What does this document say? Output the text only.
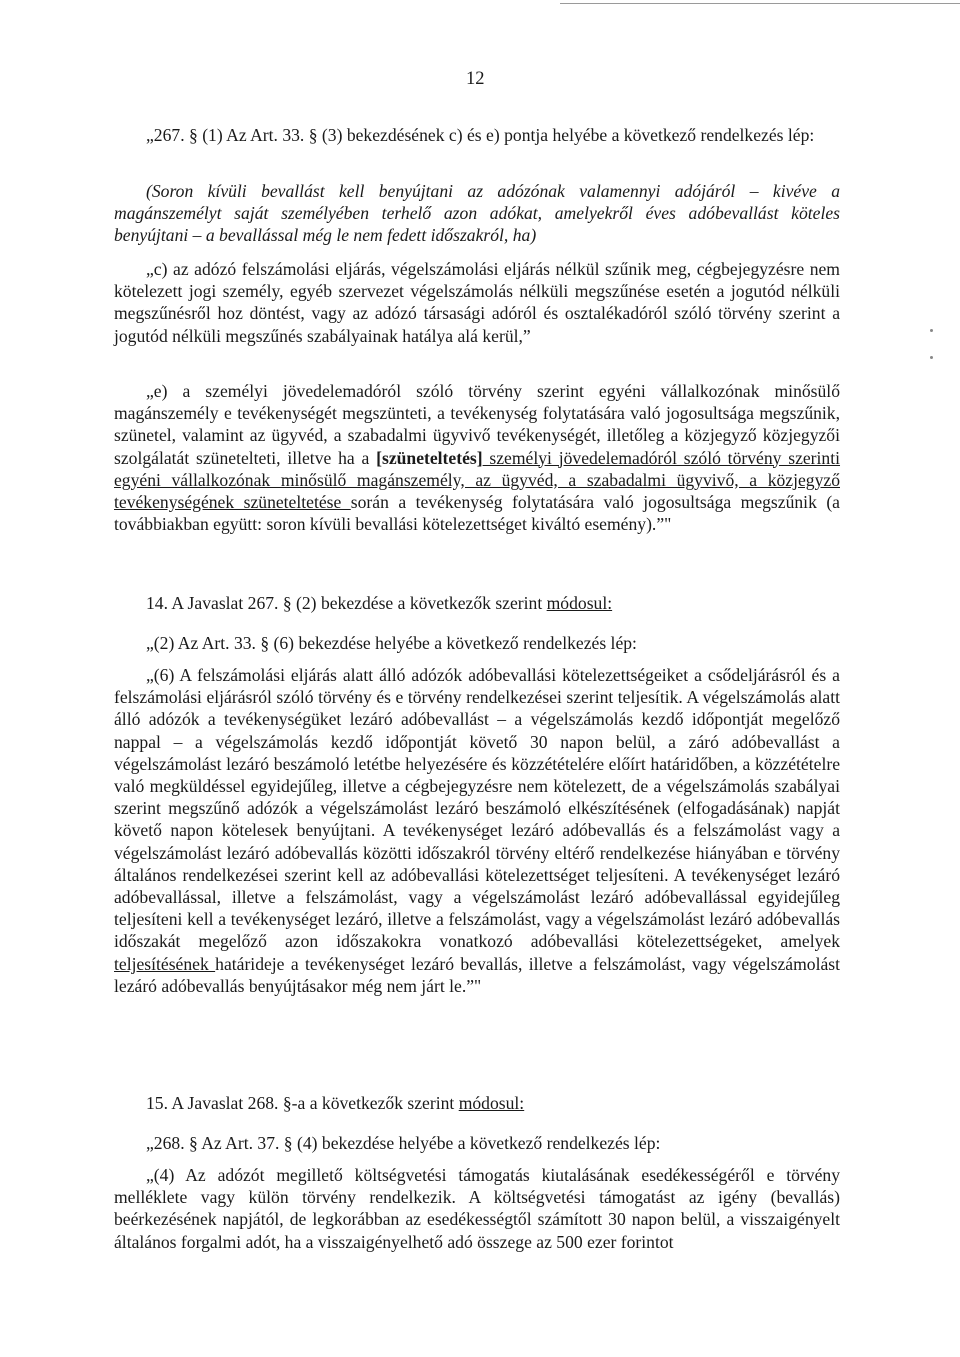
12

„267. § (1) Az Art. 33. § (3) bekezdésének c) és e) pontja helyébe a következő rendelkezés lép:

(Soron kívüli bevallást kell benyújtani az adózónak valamennyi adójáról – kivéve a magánszemélyt saját személyében terhelő azon adókat, amelyekről éves adóbevallást köteles benyújtani – a bevallással még le nem fedett időszakról, ha)

„c) az adózó felszámolási eljárás, végelszámolási eljárás nélkül szűnik meg, cégbejegyzésre nem kötelezett jogi személy, egyéb szervezet végelszámolás nélküli megszűnése esetén a jogutód nélküli megszűnésről hoz döntést, vagy az adózó társasági adóról és osztalékadóról szóló törvény szerint a jogutód nélküli megszűnés szabályainak hatálya alá kerül,”

„e) a személyi jövedelemadóról szóló törvény szerint egyéni vállalkozónak minősülő magánszemély e tevékenységét megszünteti, a tevékenység folytatására való jogosultsága megszűnik, szünetel, valamint az ügyvéd, a szabadalmi ügyvivő tevékenységét, illetőleg a közjegyző közjegyzői szolgálatát szünetelteti, illetve ha a [szüneteltetés] személyi jövedelemadóról szóló törvény szerinti egyéni vállalkozónak minősülő magánszemély, az ügyvéd, a szabadalmi ügyvivő, a közjegyző tevékenységének szüneteltetése során a tevékenység folytatására való jogosultsága megszűnik (a továbbiakban együtt: soron kívüli bevallási kötelezettséget kiváltó esemény).”"

14. A Javaslat 267. § (2) bekezdése a következők szerint módosul:

„(2) Az Art. 33. § (6) bekezdése helyébe a következő rendelkezés lép:

„(6) A felszámolási eljárás alatt álló adózók adóbevallási kötelezettségeiket a csődeljárásról és a felszámolási eljárásról szóló törvény és e törvény rendelkezései szerint teljesítik. A végelszámolás alatt álló adózók a tevékenységüket lezáró adóbevallást – a végelszámolás kezdő időpontját megelőző nappal – a végelszámolás kezdő időpontját követő 30 napon belül, a záró adóbevallást a végelszámolást lezáró beszámoló letétbe helyezésére és közzétételére előírt határidőben, a közzétételre való megküldéssel egyidejűleg, illetve a cégbejegyzésre nem kötelezett, de a végelszámolás szabályai szerint megszűnő adózók a végelszámolást lezáró beszámoló elkészítésének (elfogadásának) napját követő napon kötelesek benyújtani. A tevékenységet lezáró adóbevallás és a felszámolást vagy a végelszámolást lezáró adóbevallás közötti időszakról törvény eltérő rendelkezése hiányában e törvény általános rendelkezései szerint kell az adóbevallási kötelezettséget teljesíteni. A tevékenységet lezáró adóbevallással, illetve a felszámolást, vagy a végelszámolást lezáró adóbevallással egyidejűleg teljesíteni kell a tevékenységet lezáró, illetve a felszámolást, vagy a végelszámolást lezáró adóbevallás időszakát megelőző azon időszakokra vonatkozó adóbevallási kötelezettségeket, amelyek teljesítésének határideje a tevékenységet lezáró bevallás, illetve a felszámolást, vagy végelszámolást lezáró adóbevallás benyújtásakor még nem járt le.”"

15. A Javaslat 268. §-a a következők szerint módosul:

„268. § Az Art. 37. § (4) bekezdése helyébe a következő rendelkezés lép:

„(4) Az adózót megillető költségvetési támogatás kiutalásának esedékességéről e törvény melléklete vagy külön törvény rendelkezik. A költségvetési támogatást az igény (bevallás) beérkezésének napjától, de legkorábban az esedékességtől számított 30 napon belül, a visszaigényelt általános forgalmi adót, ha a visszaigényelhető adó összege az 500 ezer forintot
